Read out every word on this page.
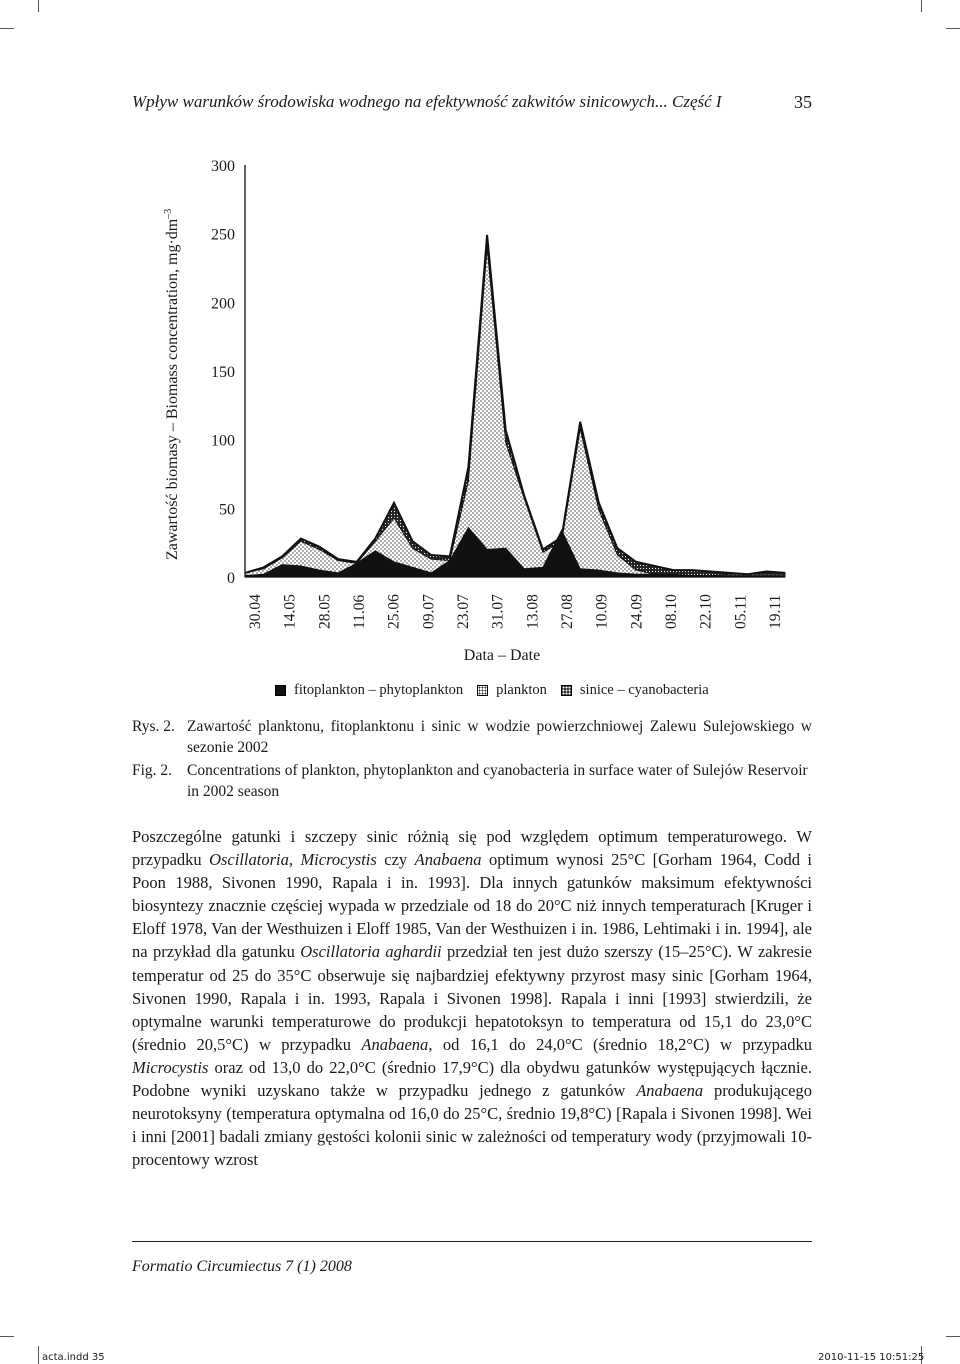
Wpływ warunków środowiska wodnego na efektywność zakwitów sinicowych... Część I	35
Zawartość biomasy – Biomass concentration, $mg\cdot dm^{-3}$
0
50
100
150
200
250
300
30.04 14.05 28.05 11.06 25.06 09.07 23.07 31.07 13.08 27.08 10.09 24.09 08.10 22.10 05.11 19.11
Data – Date
fitoplankton – phytoplankton plankton sinice – cyanobacteria
Rys. 2. Zawartość planktonu, fitoplanktonu i sinic w wodzie powierzchniowej Zalewu Sulejowskiego w sezonie 2002
Fig. 2. Concentrations of plankton, phytoplankton and cyanobacteria in surface water of Sulejów Reservoir in 2002 season

Poszczególne gatunki i szczepy sinic różnią się pod względem optimum temperaturowego. W przypadku Oscillatoria, Microcystis czy Anabaena optimum wynosi 25°C [Gorham 1964, Codd i Poon 1988, Sivonen 1990, Rapala i in. 1993]. Dla innych gatunków maksimum efektywności biosyntezy znacznie częściej wypada w przedziale od 18 do 20°C niż innych temperaturach [Kruger i Eloff 1978, Van der Westhuizen i Eloff 1985, Van der Westhuizen i in. 1986, Lehtimaki i in. 1994], ale na przykład dla gatunku Oscillatoria aghardii przedział ten jest dużo szerszy (15–25°C). W zakresie temperatur od 25 do 35°C obserwuje się najbardziej efektywny przyrost masy sinic [Gorham 1964, Sivonen 1990, Rapala i in. 1993, Rapala i Sivonen 1998]. Rapala i inni [1993] stwierdzili, że optymalne warunki temperaturowe do produkcji hepatotoksyn to temperatura od 15,1 do 23,0°C (średnio 20,5°C) w przypadku Anabaena, od 16,1 do 24,0°C (średnio 18,2°C) w przypadku Microcystis oraz od 13,0 do 22,0°C (średnio 17,9°C) dla obydwu gatunków występujących łącznie. Podobne wyniki uzyskano także w przypadku jednego z gatunków Anabaena produkującego neurotoksyny (temperatura optymalna od 16,0 do 25°C, średnio 19,8°C) [Rapala i Sivonen 1998]. Wei i inni [2001] badali zmiany gęstości kolonii sinic w zależności od temperatury wody (przyjmowali 10-procentowy wzrost

Formatio Circumiectus 7 (1) 2008
acta.indd 35	2010-11-15 10:51:25
